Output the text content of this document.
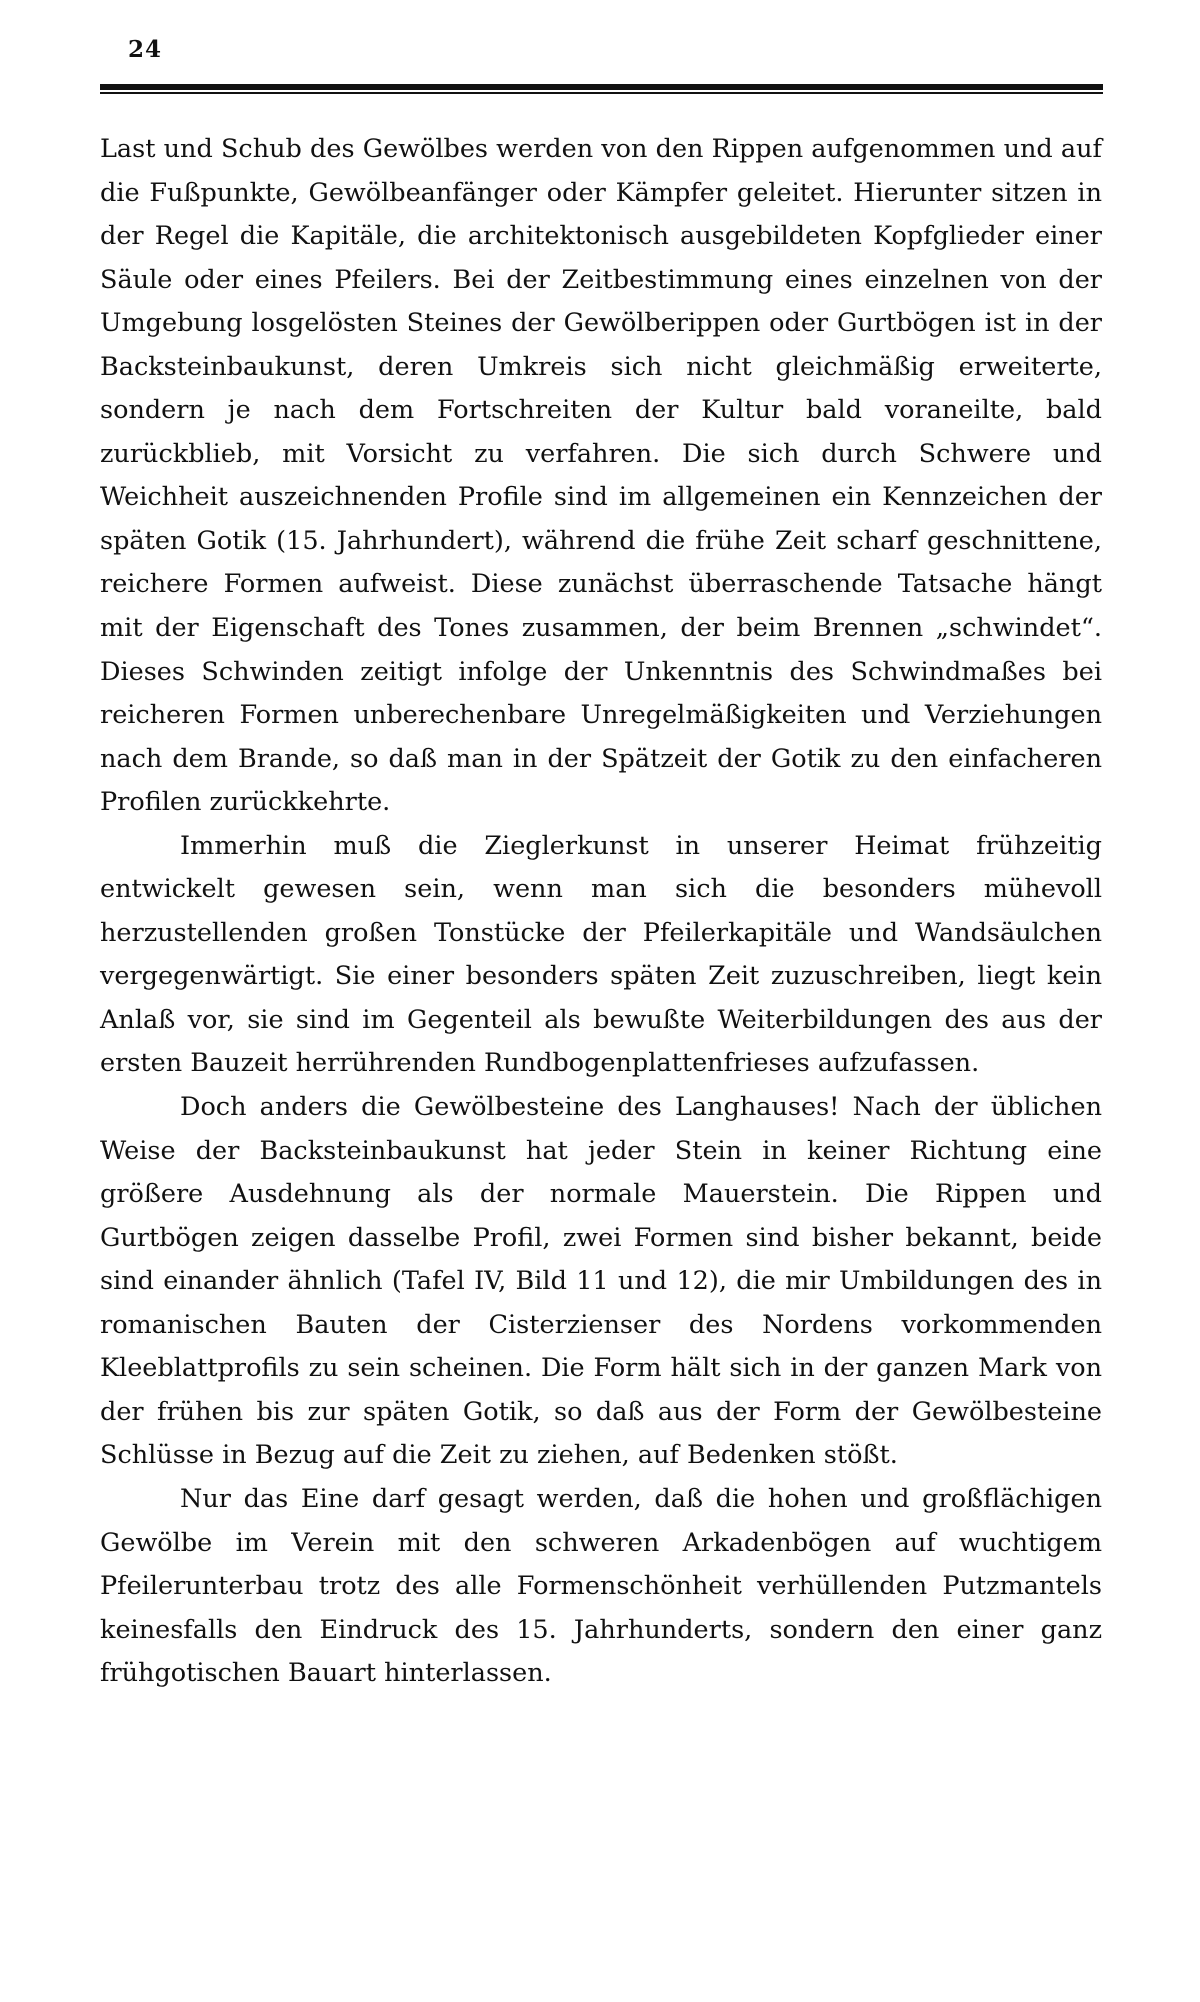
24

Last und Schub des Gewölbes werden von den Rippen aufgenommen und auf die Fußpunkte, Gewölbeanfänger oder Kämpfer geleitet. Hierunter sitzen in der Regel die Kapitäle, die architektonisch ausgebildeten Kopfglieder einer Säule oder eines Pfeilers. Bei der Zeitbestimmung eines einzelnen von der Umgebung losgelösten Steines der Gewölberippen oder Gurtbögen ist in der Backsteinbaukunst, deren Umkreis sich nicht gleichmäßig erweiterte, sondern je nach dem Fortschreiten der Kultur bald voraneilte, bald zurückblieb, mit Vorsicht zu verfahren. Die sich durch Schwere und Weichheit auszeichnenden Profile sind im allgemeinen ein Kennzeichen der späten Gotik (15. Jahrhundert), während die frühe Zeit scharf geschnittene, reichere Formen aufweist. Diese zunächst überraschende Tatsache hängt mit der Eigenschaft des Tones zusammen, der beim Brennen „schwindet“. Dieses Schwinden zeitigt infolge der Unkenntnis des Schwindmaßes bei reicheren Formen unberechenbare Unregelmäßigkeiten und Verziehungen nach dem Brande, so daß man in der Spätzeit der Gotik zu den einfacheren Profilen zurückkehrte.

Immerhin muß die Zieglerkunst in unserer Heimat frühzeitig entwickelt gewesen sein, wenn man sich die besonders mühevoll herzustellenden großen Tonstücke der Pfeilerkapitäle und Wandsäulchen vergegenwärtigt. Sie einer besonders späten Zeit zuzuschreiben, liegt kein Anlaß vor, sie sind im Gegenteil als bewußte Weiterbildungen des aus der ersten Bauzeit herrührenden Rundbogenplattenfrieses aufzufassen.

Doch anders die Gewölbesteine des Langhauses! Nach der üblichen Weise der Backsteinbaukunst hat jeder Stein in keiner Richtung eine größere Ausdehnung als der normale Mauerstein. Die Rippen und Gurtbögen zeigen dasselbe Profil, zwei Formen sind bisher bekannt, beide sind einander ähnlich (Tafel IV, Bild 11 und 12), die mir Umbildungen des in romanischen Bauten der Cisterzienser des Nordens vorkommenden Kleeblattprofils zu sein scheinen. Die Form hält sich in der ganzen Mark von der frühen bis zur späten Gotik, so daß aus der Form der Gewölbesteine Schlüsse in Bezug auf die Zeit zu ziehen, auf Bedenken stößt.

Nur das Eine darf gesagt werden, daß die hohen und großflächigen Gewölbe im Verein mit den schweren Arkadenbögen auf wuchtigem Pfeilerunterbau trotz des alle Formenschönheit verhüllenden Putzmantels keinesfalls den Eindruck des 15. Jahrhunderts, sondern den einer ganz frühgotischen Bauart hinterlassen.
